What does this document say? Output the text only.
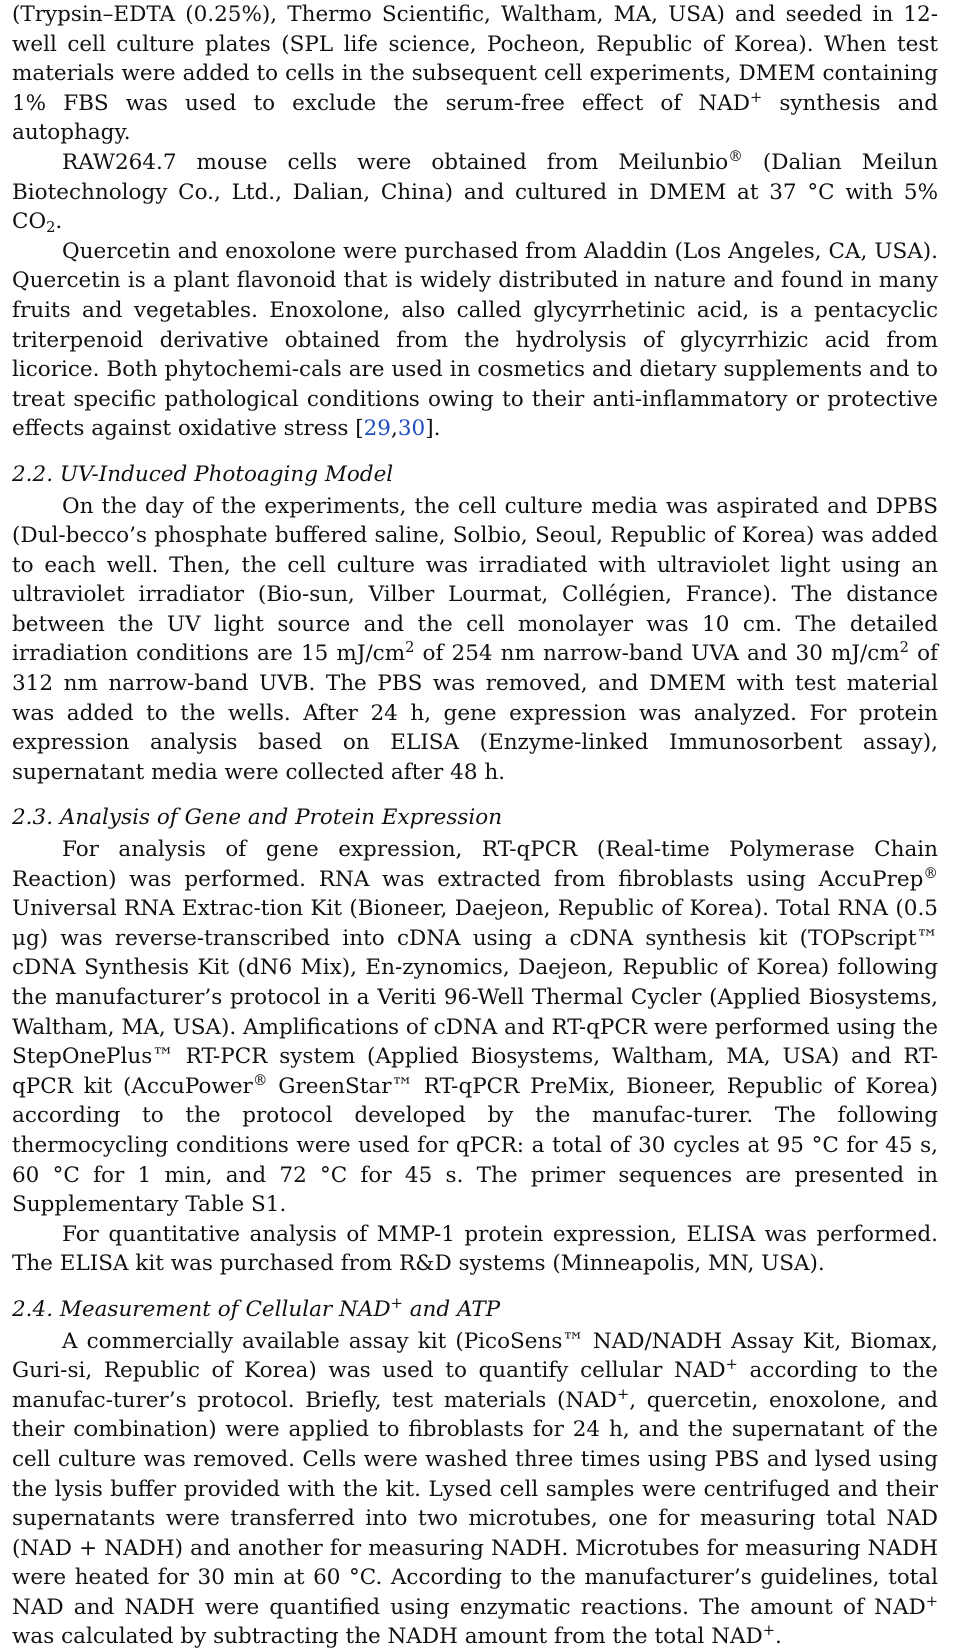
(Trypsin–EDTA (0.25%), Thermo Scientific, Waltham, MA, USA) and seeded in 12-well cell culture plates (SPL life science, Pocheon, Republic of Korea). When test materials were added to cells in the subsequent cell experiments, DMEM containing 1% FBS was used to exclude the serum-free effect of NAD+ synthesis and autophagy.

RAW264.7 mouse cells were obtained from Meilunbio® (Dalian Meilun Biotechnology Co., Ltd., Dalian, China) and cultured in DMEM at 37 °C with 5% $CO_2$.

Quercetin and enoxolone were purchased from Aladdin (Los Angeles, CA, USA). Quercetin is a plant flavonoid that is widely distributed in nature and found in many fruits and vegetables. Enoxolone, also called glycyrrhetinic acid, is a pentacyclic triterpenoid derivative obtained from the hydrolysis of glycyrrhizic acid from licorice. Both phytochemi-cals are used in cosmetics and dietary supplements and to treat specific pathological conditions owing to their anti-inflammatory or protective effects against oxidative stress [29,30].

2.2. UV-Induced Photoaging Model

On the day of the experiments, the cell culture media was aspirated and DPBS (Dul-becco’s phosphate buffered saline, Solbio, Seoul, Republic of Korea) was added to each well. Then, the cell culture was irradiated with ultraviolet light using an ultraviolet irradiator (Bio-sun, Vilber Lourmat, Collégien, France). The distance between the UV light source and the cell monolayer was 10 cm. The detailed irradiation conditions are 15 $mJ/cm^2$ of 254 nm narrow-band UVA and 30 $mJ/cm^2$ of 312 nm narrow-band UVB. The PBS was removed, and DMEM with test material was added to the wells. After 24 h, gene expression was analyzed. For protein expression analysis based on ELISA (Enzyme-linked Immunosorbent assay), supernatant media were collected after 48 h.

2.3. Analysis of Gene and Protein Expression

For analysis of gene expression, RT-qPCR (Real-time Polymerase Chain Reaction) was performed. RNA was extracted from fibroblasts using AccuPrep® Universal RNA Extrac-tion Kit (Bioneer, Daejeon, Republic of Korea). Total RNA (0.5 μg) was reverse-transcribed into cDNA using a cDNA synthesis kit (TOPscript™ cDNA Synthesis Kit (dN6 Mix), En-zynomics, Daejeon, Republic of Korea) following the manufacturer’s protocol in a Veriti 96-Well Thermal Cycler (Applied Biosystems, Waltham, MA, USA). Amplifications of cDNA and RT-qPCR were performed using the StepOnePlus™ RT-PCR system (Applied Biosystems, Waltham, MA, USA) and RT-qPCR kit (AccuPower® GreenStar™ RT-qPCR PreMix, Bioneer, Republic of Korea) according to the protocol developed by the manufac-turer. The following thermocycling conditions were used for qPCR: a total of 30 cycles at 95 °C for 45 s, 60 °C for 1 min, and 72 °C for 45 s. The primer sequences are presented in Supplementary Table S1.

For quantitative analysis of MMP-1 protein expression, ELISA was performed. The ELISA kit was purchased from R&D systems (Minneapolis, MN, USA).

2.4. Measurement of Cellular NAD+ and ATP

A commercially available assay kit (PicoSens™ NAD/NADH Assay Kit, Biomax, Guri-si, Republic of Korea) was used to quantify cellular NAD+ according to the manufac-turer’s protocol. Briefly, test materials (NAD+, quercetin, enoxolone, and their combination) were applied to fibroblasts for 24 h, and the supernatant of the cell culture was removed. Cells were washed three times using PBS and lysed using the lysis buffer provided with the kit. Lysed cell samples were centrifuged and their supernatants were transferred into two microtubes, one for measuring total NAD (NAD + NADH) and another for measuring NADH. Microtubes for measuring NADH were heated for 30 min at 60 °C. According to the manufacturer’s guidelines, total NAD and NADH were quantified using enzymatic reactions. The amount of NAD+ was calculated by subtracting the NADH amount from the total NAD+.
